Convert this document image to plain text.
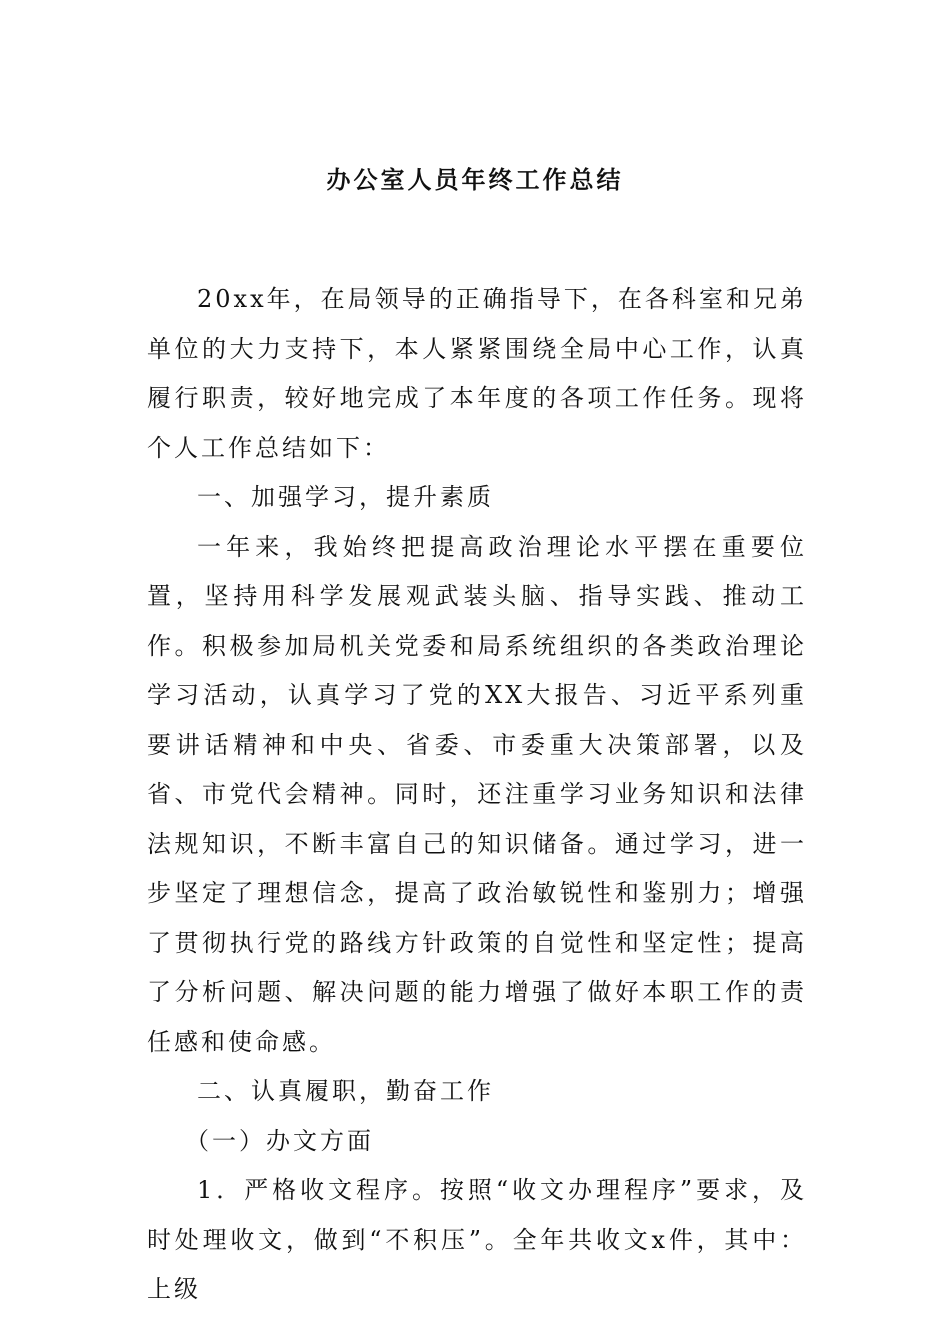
办公室人员年终工作总结

20xx年，在局领导的正确指导下，在各科室和兄弟单位的大力支持下，本人紧紧围绕全局中心工作，认真履行职责，较好地完成了本年度的各项工作任务。现将个人工作总结如下：

一、加强学习，提升素质

一年来，我始终把提高政治理论水平摆在重要位置，坚持用科学发展观武装头脑、指导实践、推动工作。积极参加局机关党委和局系统组织的各类政治理论学习活动，认真学习了党的XX大报告、习近平系列重要讲话精神和中央、省委、市委重大决策部署，以及省、市党代会精神。同时，还注重学习业务知识和法律法规知识，不断丰富自己的知识储备。通过学习，进一步坚定了理想信念，提高了政治敏锐性和鉴别力；增强了贯彻执行党的路线方针政策的自觉性和坚定性；提高了分析问题、解决问题的能力增强了做好本职工作的责任感和使命感。

二、认真履职，勤奋工作

（一）办文方面

1．严格收文程序。按照“收文办理程序”要求，及时处理收文，做到“不积压”。全年共收文x件，其中：上级
